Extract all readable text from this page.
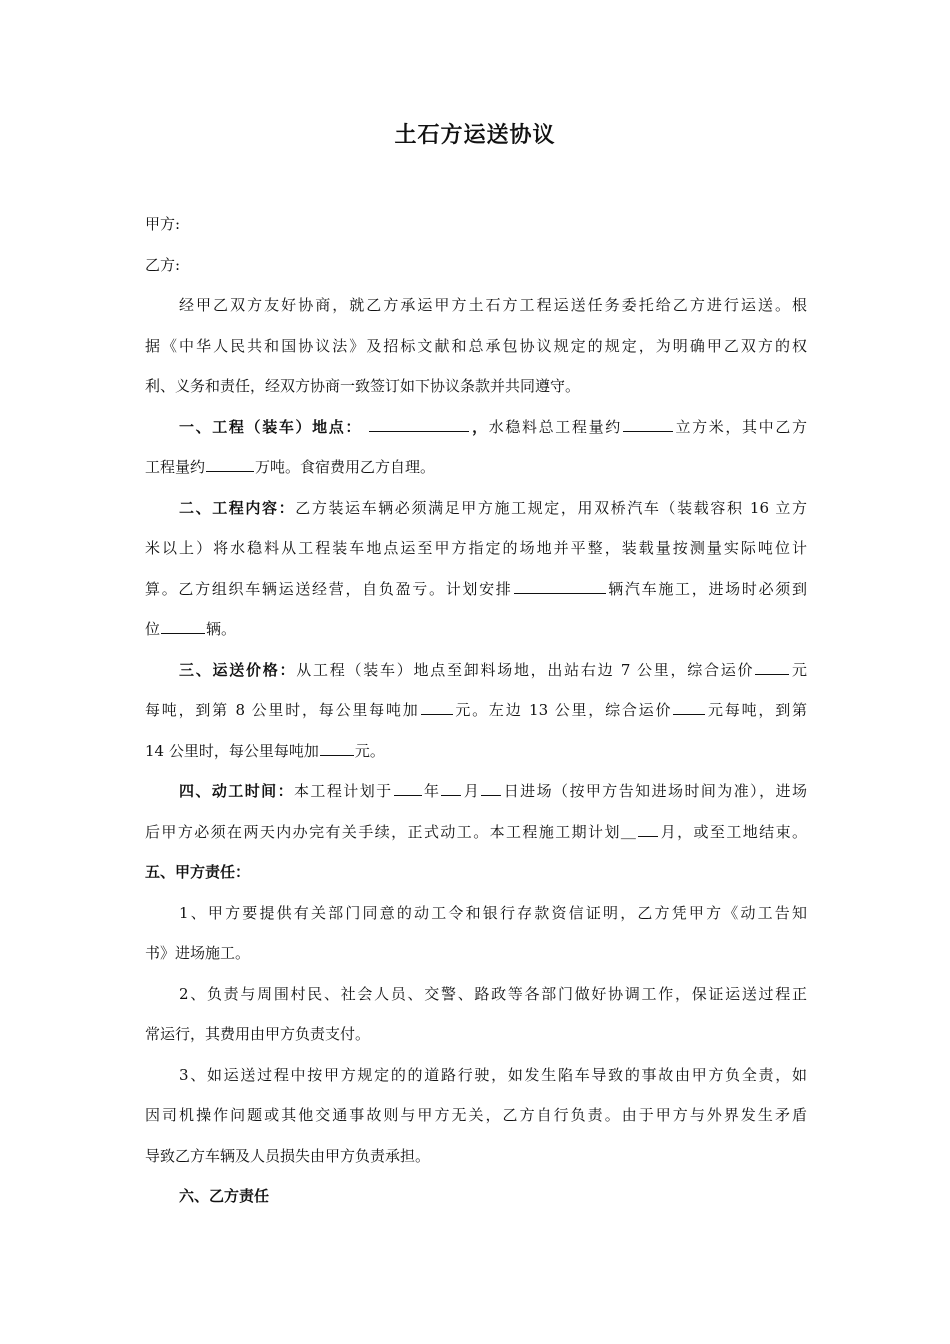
土石方运送协议
甲方:
乙方:
经甲乙双方友好协商，就乙方承运甲方土石方工程运送任务委托给乙方进行运送。根
据《中华人民共和国协议法》及招标文献和总承包协议规定的规定，为明确甲乙双方的权
利、义务和责任，经双方协商一致签订如下协议条款并共同遵守。
一、工程（装车）地点：	，水稳料总工程量约	立方米，其中乙方
工程量约	万吨。食宿费用乙方自理。
二、工程内容：乙方装运车辆必须满足甲方施工规定，用双桥汽车（装载容积 16 立方
米以上）将水稳料从工程装车地点运至甲方指定的场地并平整，装载量按测量实际吨位计
算。乙方组织车辆运送经营，自负盈亏。计划安排	辆汽车施工，进场时必须到
位	辆。
三、运送价格：从工程（装车）地点至卸料场地，出站右边 7 公里，综合运价 元
每吨，到第 8 公里时，每公里每吨加 元。左边 13 公里，综合运价 元每吨，到第
14 公里时，每公里每吨加 元。
四、动工时间：本工程计划于 年 月 日进场（按甲方告知进场时间为准），进场
后甲方必须在两天内办完有关手续，正式动工。本工程施工期计划＿ 月，或至工地结束。
五、甲方责任：
1、甲方要提供有关部门同意的动工令和银行存款资信证明，乙方凭甲方《动工告知
书》进场施工。
2、负责与周围村民、社会人员、交警、路政等各部门做好协调工作，保证运送过程正
常运行，其费用由甲方负责支付。
3、如运送过程中按甲方规定的的道路行驶，如发生陷车导致的事故由甲方负全责，如
因司机操作问题或其他交通事故则与甲方无关，乙方自行负责。由于甲方与外界发生矛盾
导致乙方车辆及人员损失由甲方负责承担。
六、乙方责任
